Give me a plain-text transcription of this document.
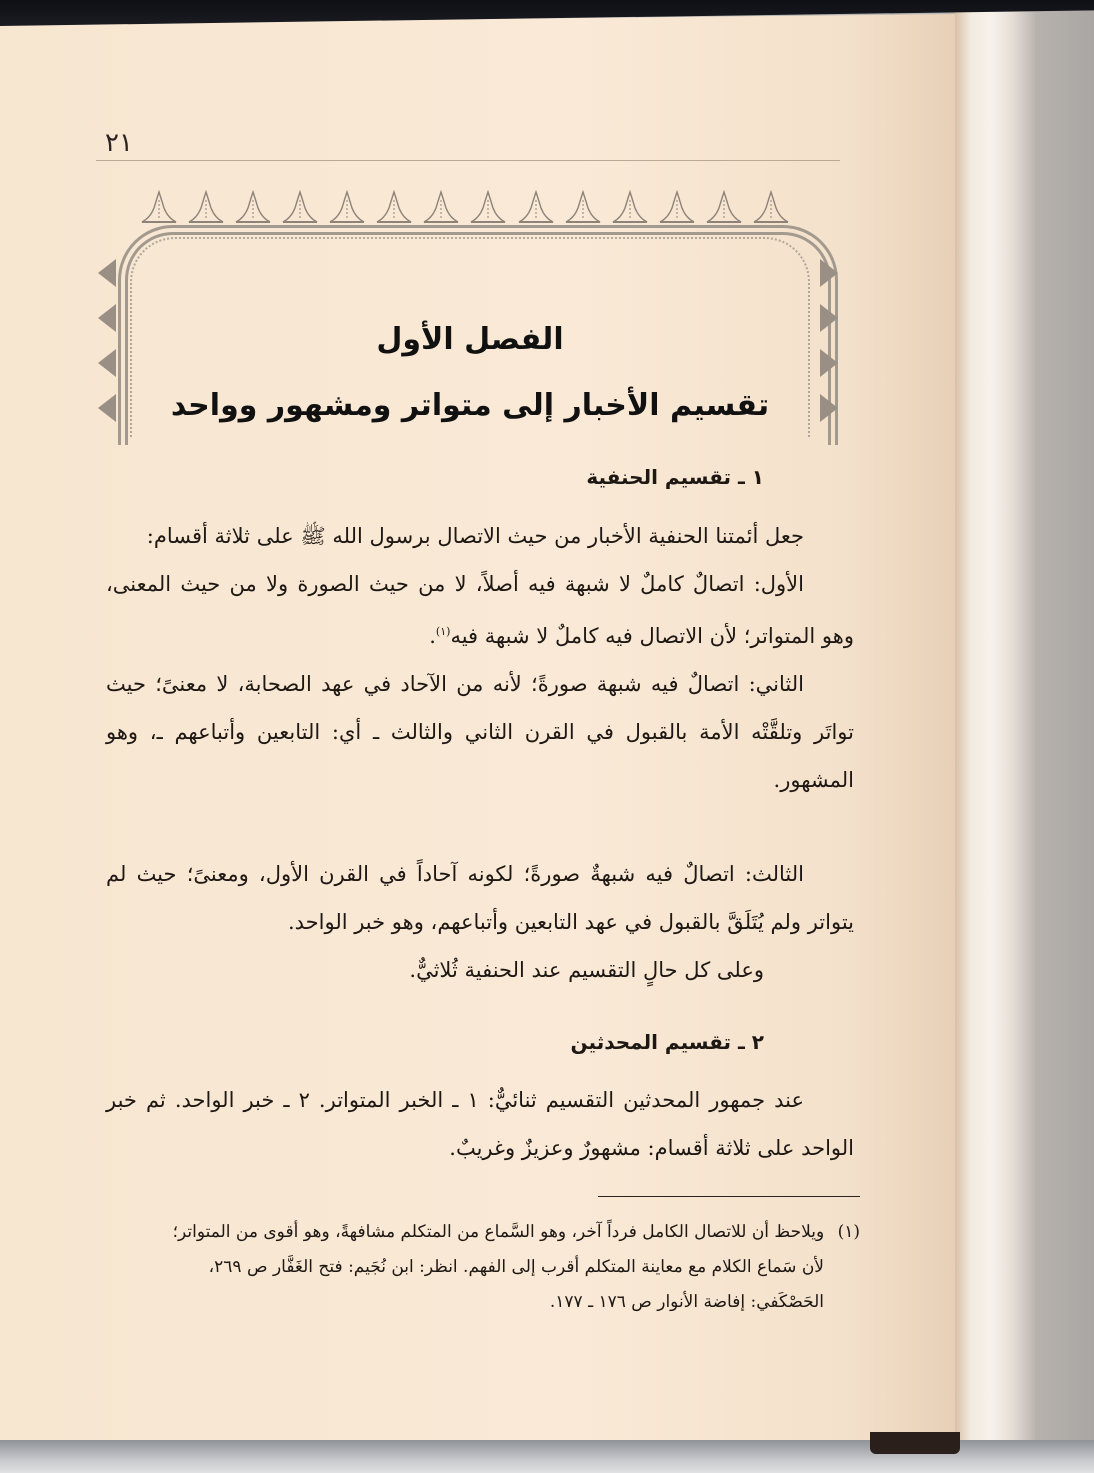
٢١
الفصل الأول
تقسيم الأخبار إلى متواتر ومشهور وواحد
١ ـ تقسيم الحنفية

جعل أئمتنا الحنفية الأخبار من حيث الاتصال برسول الله ﷺ على ثلاثة أقسام:

الأول: اتصالٌ كاملٌ لا شبهة فيه أصلاً، لا من حيث الصورة ولا من حيث المعنى، وهو المتواتر؛ لأن الاتصال فيه كاملٌ لا شبهة فيه$^{(١)}$.

الثاني: اتصالٌ فيه شبهة صورةً؛ لأنه من الآحاد في عهد الصحابة، لا معنىً؛ حيث تواتَر وتلقَّتْه الأمة بالقبول في القرن الثاني والثالث ـ أي: التابعين وأتباعهم ـ، وهو المشهور.

الثالث: اتصالٌ فيه شبهةٌ صورةً؛ لكونه آحاداً في القرن الأول، ومعنىً؛ حيث لم يتواتر ولم يُتَلَقَّ بالقبول في عهد التابعين وأتباعهم، وهو خبر الواحد.

وعلى كل حالٍ التقسيم عند الحنفية ثُلاثيٌّ.

٢ ـ تقسيم المحدثين

عند جمهور المحدثين التقسيم ثنائيٌّ: ١ ـ الخبر المتواتر. ٢ ـ خبر الواحد. ثم خبر الواحد على ثلاثة أقسام: مشهورٌ وعزيزٌ وغريبٌ.

(١) ويلاحظ أن للاتصال الكامل فرداً آخر، وهو السَّماع من المتكلم مشافهةً، وهو أقوى من المتواتر؛
لأن سَماع الكلام مع معاينة المتكلم أقرب إلى الفهم. انظر: ابن نُجَيم: فتح الغَفَّار ص ٢٦٩،
الحَصْكَفي: إفاضة الأنوار ص ١٧٦ ـ ١٧٧.
